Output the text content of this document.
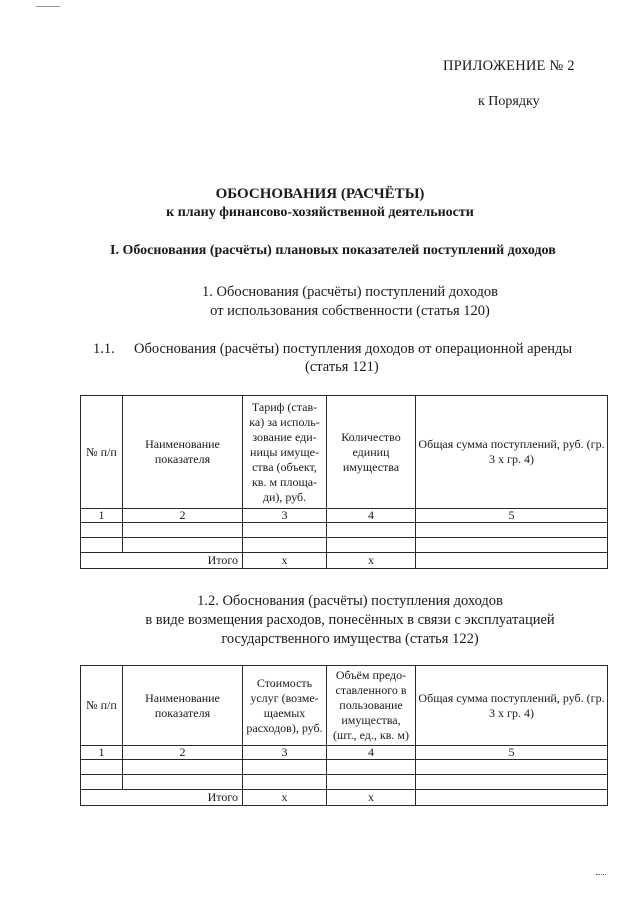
ПРИЛОЖЕНИЕ № 2
к Порядку
ОБОСНОВАНИЯ (РАСЧЁТЫ)
к плану финансово-хозяйственной деятельности
I. Обоснования (расчёты) плановых показателей поступлений доходов
1. Обоснования (расчёты) поступлений доходов
от использования собственности (статья 120)
1.1. Обоснования (расчёты) поступления доходов от операционной аренды
(статья 121)
№ п/п	Наименование показателя	Тариф (став-ка) за исполь-зование еди-ницы имуще-ства (объект, кв. м площа-ди), руб.	Количество единиц имущества	Общая сумма поступлений, руб. (гр. 3 х гр. 4)
1	2	3	4	5

Итого		х	х	
1.2. Обоснования (расчёты) поступления доходов
в виде возмещения расходов, понесённых в связи с эксплуатацией
государственного имущества (статья 122)
№ п/п	Наименование показателя	Стоимость услуг (возме-щаемых расходов), руб.	Объём предо-ставленного в пользование имущества, (шт., ед., кв. м)	Общая сумма поступлений, руб. (гр. 3 х гр. 4)
1	2	3	4	5

Итого		х	х	
